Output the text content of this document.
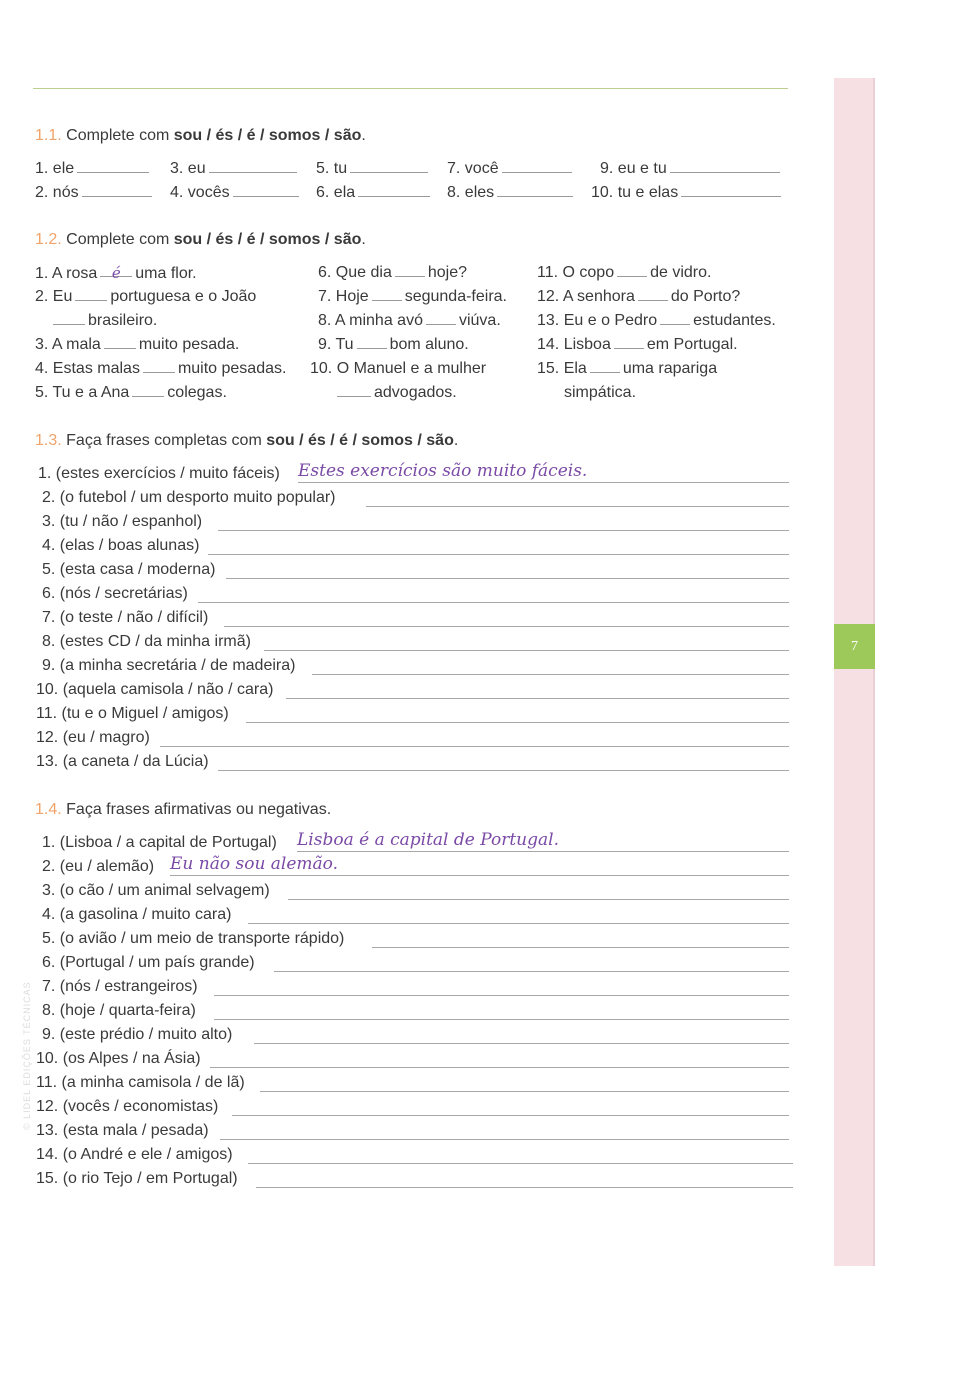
7
© LIDEL EDIÇÕES TÉCNICAS
1.1. Complete com sou / és / é / somos / são.
1. ele
2. nós
3. eu
4. vocês
5. tu
6. ela
7. você
8. eles
9. eu e tu
10. tu e elas
1.2. Complete com sou / és / é / somos / são.
1. A rosa é uma flor.
2. Eu portuguesa e o João
brasileiro.
3. A mala muito pesada.
4. Estas malas muito pesadas.
5. Tu e a Ana colegas.
6. Que dia hoje?
7. Hoje segunda-feira.
8. A minha avó viúva.
9. Tu bom aluno.
10. O Manuel e a mulher
advogados.
11. O copo de vidro.
12. A senhora do Porto?
13. Eu e o Pedro estudantes.
14. Lisboa em Portugal.
15. Ela uma rapariga
simpática.
1.3. Faça frases completas com sou / és / é / somos / são.
1. (estes exercícios / muito fáceis) Estes exercícios são muito fáceis.
2. (o futebol / um desporto muito popular)
3. (tu / não / espanhol)
4. (elas / boas alunas)
5. (esta casa / moderna)
6. (nós / secretárias)
7. (o teste / não / difícil)
8. (estes CD / da minha irmã)
9. (a minha secretária / de madeira)
10. (aquela camisola / não / cara)
11. (tu e o Miguel / amigos)
12. (eu / magro)
13. (a caneta / da Lúcia)
1.4. Faça frases afirmativas ou negativas.
1. (Lisboa / a capital de Portugal) Lisboa é a capital de Portugal.
2. (eu / alemão) Eu não sou alemão.
3. (o cão / um animal selvagem)
4. (a gasolina / muito cara)
5. (o avião / um meio de transporte rápido)
6. (Portugal / um país grande)
7. (nós / estrangeiros)
8. (hoje / quarta-feira)
9. (este prédio / muito alto)
10. (os Alpes / na Ásia)
11. (a minha camisola / de lã)
12. (vocês / economistas)
13. (esta mala / pesada)
14. (o André e ele / amigos)
15. (o rio Tejo / em Portugal)
